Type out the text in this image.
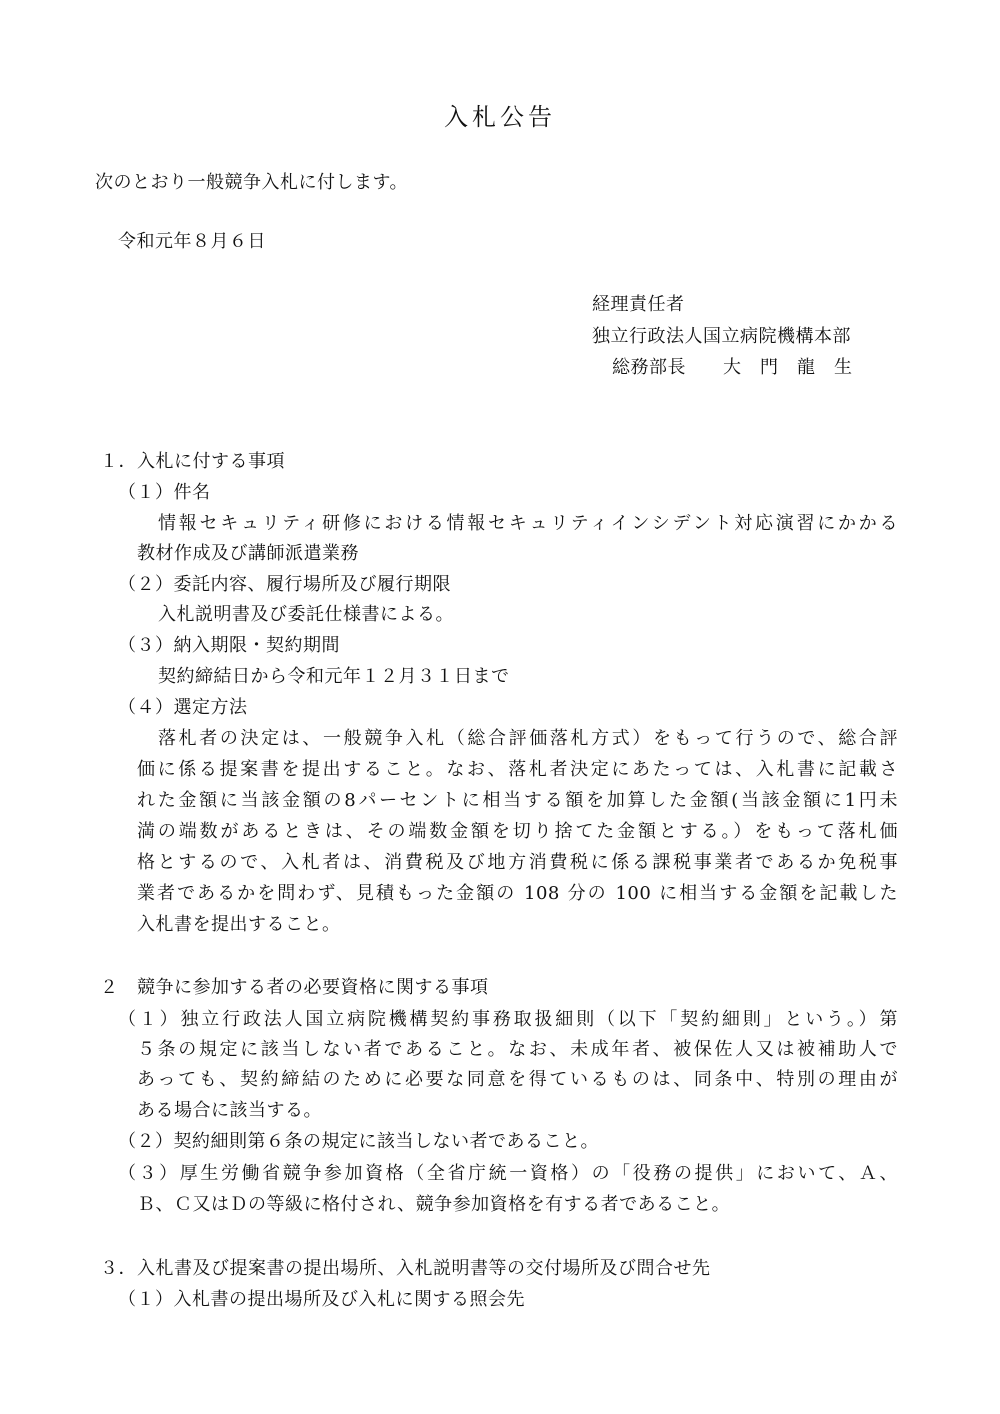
入札公告
次のとおり一般競争入札に付します。
令和元年８月６日
経理責任者
独立行政法人国立病院機構本部
総務部長　　大　門　龍　生
１．入札に付する事項
（１）件名
情報セキュリティ研修における情報セキュリティインシデント対応演習にかかる
教材作成及び講師派遣業務
（２）委託内容、履行場所及び履行期限
入札説明書及び委託仕様書による。
（３）納入期限・契約期間
契約締結日から令和元年１２月３１日まで
（４）選定方法
落札者の決定は、一般競争入札（総合評価落札方式）をもって行うので、総合評
価に係る提案書を提出すること。なお、落札者決定にあたっては、入札書に記載さ
れた金額に当該金額の8パーセントに相当する額を加算した金額(当該金額に1円未
満の端数があるときは、その端数金額を切り捨てた金額とする。）をもって落札価
格とするので、入札者は、消費税及び地方消費税に係る課税事業者であるか免税事
業者であるかを問わず、見積もった金額の 108 分の 100 に相当する金額を記載した
入札書を提出すること。
２　競争に参加する者の必要資格に関する事項
（１）独立行政法人国立病院機構契約事務取扱細則（以下「契約細則」という。）第
５条の規定に該当しない者であること。なお、未成年者、被保佐人又は被補助人で
あっても、契約締結のために必要な同意を得ているものは、同条中、特別の理由が
ある場合に該当する。
（２）契約細則第６条の規定に該当しない者であること。
（３）厚生労働省競争参加資格（全省庁統一資格）の「役務の提供」において、Ａ、
Ｂ、Ｃ又はＤの等級に格付され、競争参加資格を有する者であること。
３．入札書及び提案書の提出場所、入札説明書等の交付場所及び問合せ先
（１）入札書の提出場所及び入札に関する照会先
